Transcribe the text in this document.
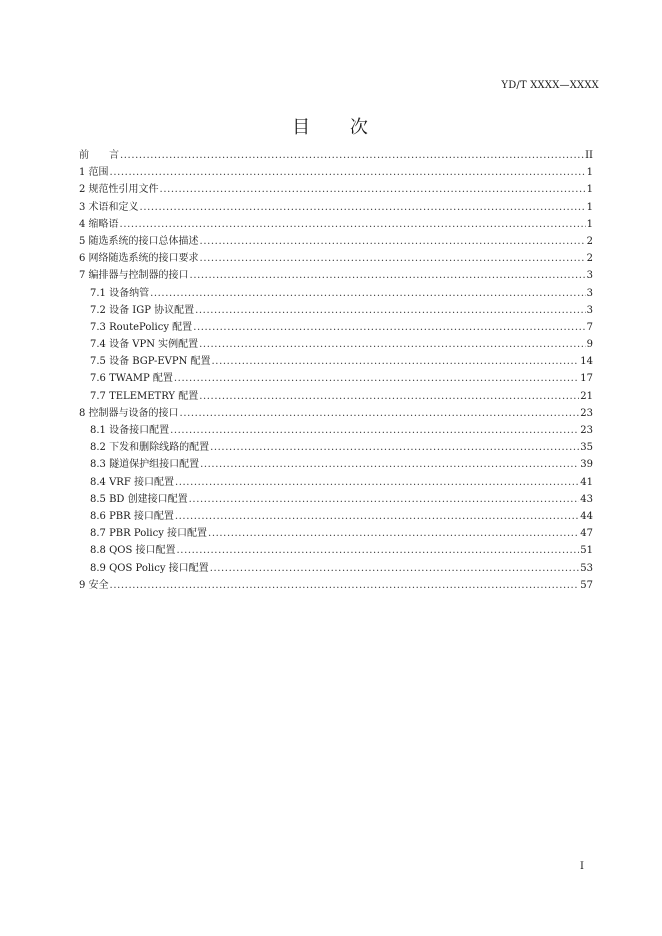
YD/T XXXX—XXXX
目 次
前　　言 .....	II
1 范围 .....	1
2 规范性引用文件 .....	1
3 术语和定义 .....	1
4 缩略语 .....	1
5 随选系统的接口总体描述 .....	2
6 网络随选系统的接口要求 .....	2
7 编排器与控制器的接口 .....	3
7.1 设备纳管 .....	3
7.2 设备 IGP 协议配置 .....	3
7.3 RoutePolicy 配置 .....	7
7.4 设备 VPN 实例配置 .....	9
7.5 设备 BGP-EVPN 配置 .....	14
7.6 TWAMP 配置 .....	17
7.7 TELEMETRY 配置 .....	21
8 控制器与设备的接口 .....	23
8.1 设备接口配置 .....	23
8.2 下发和删除线路的配置 .....	35
8.3 隧道保护组接口配置 .....	39
8.4 VRF 接口配置 .....	41
8.5 BD 创建接口配置 .....	43
8.6 PBR 接口配置 .....	44
8.7 PBR Policy 接口配置 .....	47
8.8 QOS 接口配置 .....	51
8.9 QOS Policy 接口配置 .....	53
9 安全 .....	57
I
